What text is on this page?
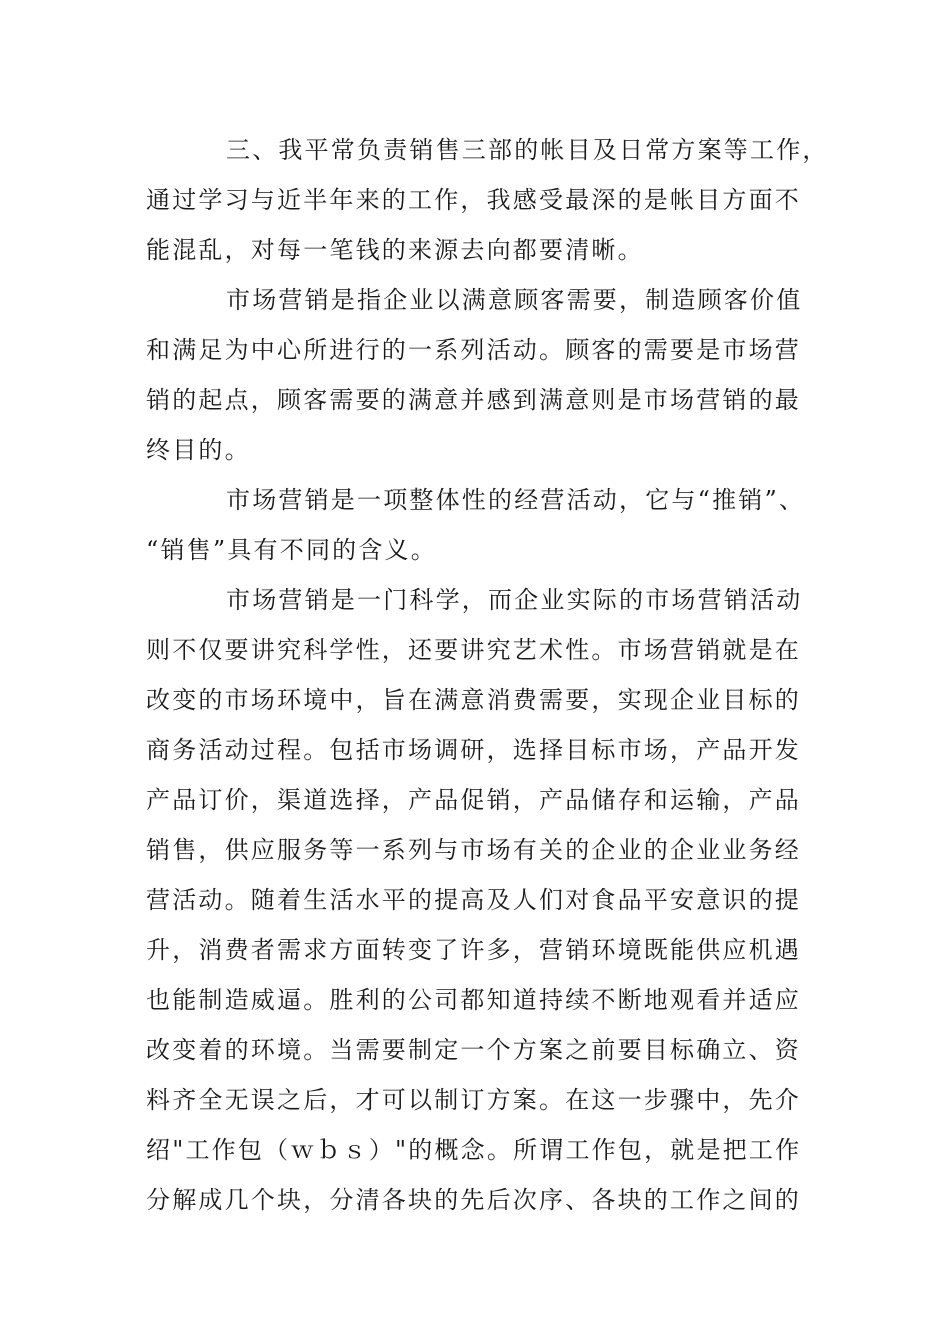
三、我平常负责销售三部的帐目及日常方案等工作，
通过学习与近半年来的工作，我感受最深的是帐目方面不
能混乱，对每一笔钱的来源去向都要清晰。
市场营销是指企业以满意顾客需要，制造顾客价值
和满足为中心所进行的一系列活动。顾客的需要是市场营
销的起点，顾客需要的满意并感到满意则是市场营销的最
终目的。
市场营销是一项整体性的经营活动，它与“推销”、
“销售”具有不同的含义。
市场营销是一门科学，而企业实际的市场营销活动
则不仅要讲究科学性，还要讲究艺术性。市场营销就是在
改变的市场环境中，旨在满意消费需要，实现企业目标的
商务活动过程。包括市场调研，选择目标市场，产品开发
产品订价，渠道选择，产品促销，产品储存和运输，产品
销售，供应服务等一系列与市场有关的企业的企业业务经
营活动。随着生活水平的提高及人们对食品平安意识的提
升，消费者需求方面转变了许多，营销环境既能供应机遇
也能制造威逼。胜利的公司都知道持续不断地观看并适应
改变着的环境。当需要制定一个方案之前要目标确立、资
料齐全无误之后，才可以制订方案。在这一步骤中，先介
绍"工作包（ｗｂｓ）"的概念。所谓工作包，就是把工作
分解成几个块，分清各块的先后次序、各块的工作之间的
